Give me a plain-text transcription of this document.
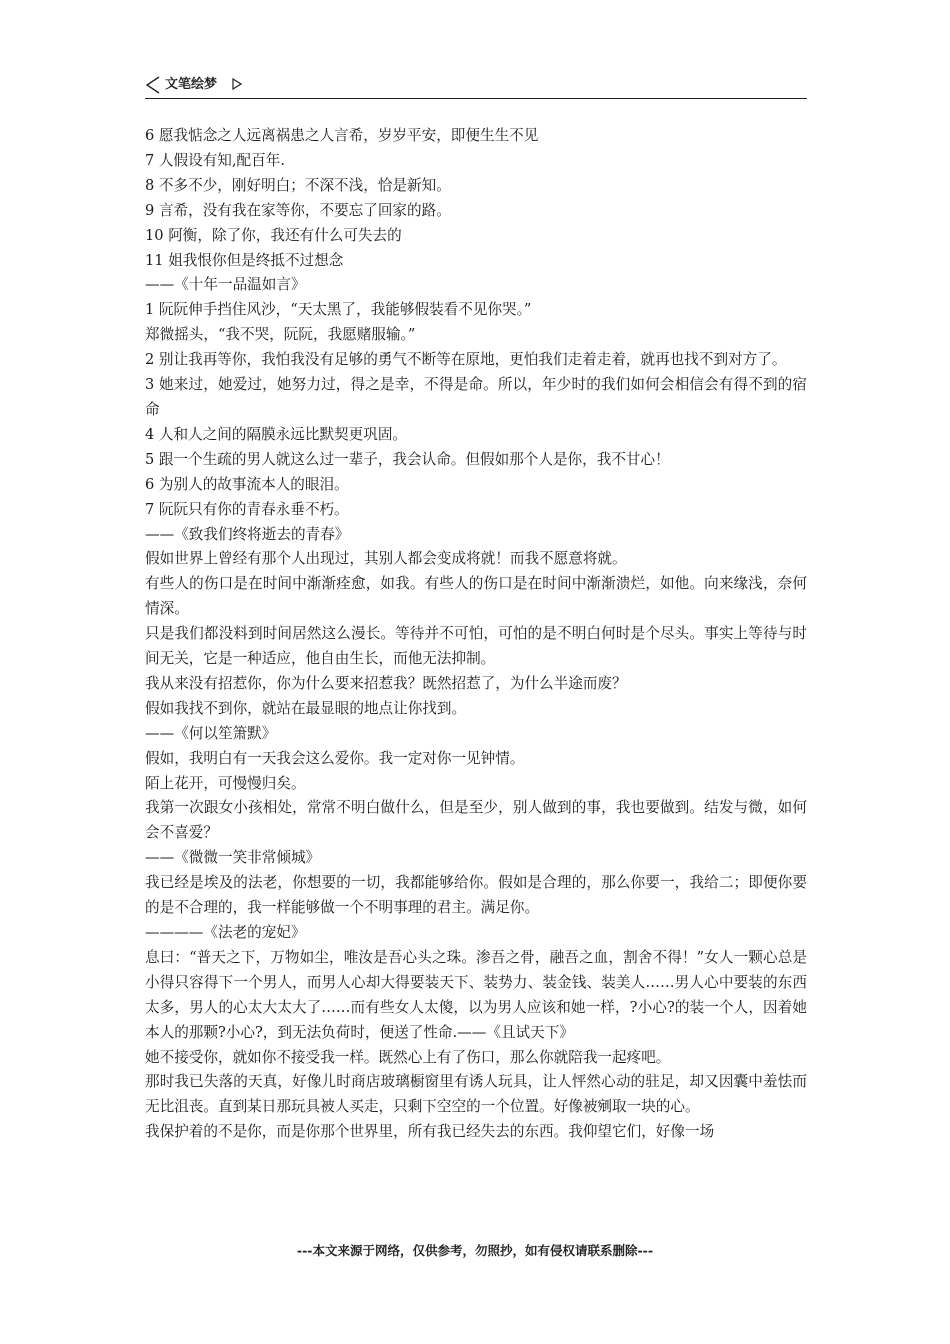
文笔绘梦

6 愿我惦念之人远离祸患之人言希，岁岁平安，即便生生不见

7 人假设有知,配百年.

8 不多不少，刚好明白；不深不浅，恰是新知。

9 言希，没有我在家等你，不要忘了回家的路。

10 阿衡，除了你，我还有什么可失去的

11 姐我恨你但是终抵不过想念

——《十年一品温如言》

1 阮阮伸手挡住风沙，“天太黑了，我能够假装看不见你哭。”

郑微摇头，“我不哭，阮阮，我愿赌服输。”

2 别让我再等你，我怕我没有足够的勇气不断等在原地，更怕我们走着走着，就再也找不到对方了。

3 她来过，她爱过，她努力过，得之是幸，不得是命。所以，年少时的我们如何会相信会有得不到的宿命

4 人和人之间的隔膜永远比默契更巩固。

5 跟一个生疏的男人就这么过一辈子，我会认命。但假如那个人是你，我不甘心！

6 为别人的故事流本人的眼泪。

7 阮阮只有你的青春永垂不朽。

——《致我们终将逝去的青春》

假如世界上曾经有那个人出现过，其别人都会变成将就！而我不愿意将就。

有些人的伤口是在时间中渐渐痊愈，如我。有些人的伤口是在时间中渐渐溃烂，如他。向来缘浅，奈何情深。

只是我们都没料到时间居然这么漫长。等待并不可怕，可怕的是不明白何时是个尽头。事实上等待与时间无关，它是一种适应，他自由生长，而他无法抑制。

我从来没有招惹你，你为什么要来招惹我？既然招惹了，为什么半途而废？

假如我找不到你，就站在最显眼的地点让你找到。

——《何以笙箫默》

假如，我明白有一天我会这么爱你。我一定对你一见钟情。

陌上花开，可慢慢归矣。

我第一次跟女小孩相处，常常不明白做什么，但是至少，别人做到的事，我也要做到。结发与微，如何会不喜爱？

——《微微一笑非常倾城》

我已经是埃及的法老，你想要的一切，我都能够给你。假如是合理的，那么你要一，我给二；即便你要的是不合理的，我一样能够做一个不明事理的君主。满足你。

————《法老的宠妃》

息曰：“普天之下，万物如尘，唯汝是吾心头之珠。渗吾之骨，融吾之血，割舍不得！”女人一颗心总是小得只容得下一个男人，而男人心却大得要装天下、装势力、装金钱、装美人……男人心中要装的东西太多，男人的心太大太大了……而有些女人太傻，以为男人应该和她一样，?小心?的装一个人，因着她本人的那颗?小心?，到无法负荷时，便送了性命.——《且试天下》

她不接受你，就如你不接受我一样。既然心上有了伤口，那么你就陪我一起疼吧。

那时我已失落的天真，好像儿时商店玻璃橱窗里有诱人玩具，让人怦然心动的驻足，却又因囊中羞怯而无比沮丧。直到某日那玩具被人买走，只剩下空空的一个位置。好像被剜取一块的心。

我保护着的不是你，而是你那个世界里，所有我已经失去的东西。我仰望它们，好像一场

---本文来源于网络，仅供参考，勿照抄，如有侵权请联系删除---
